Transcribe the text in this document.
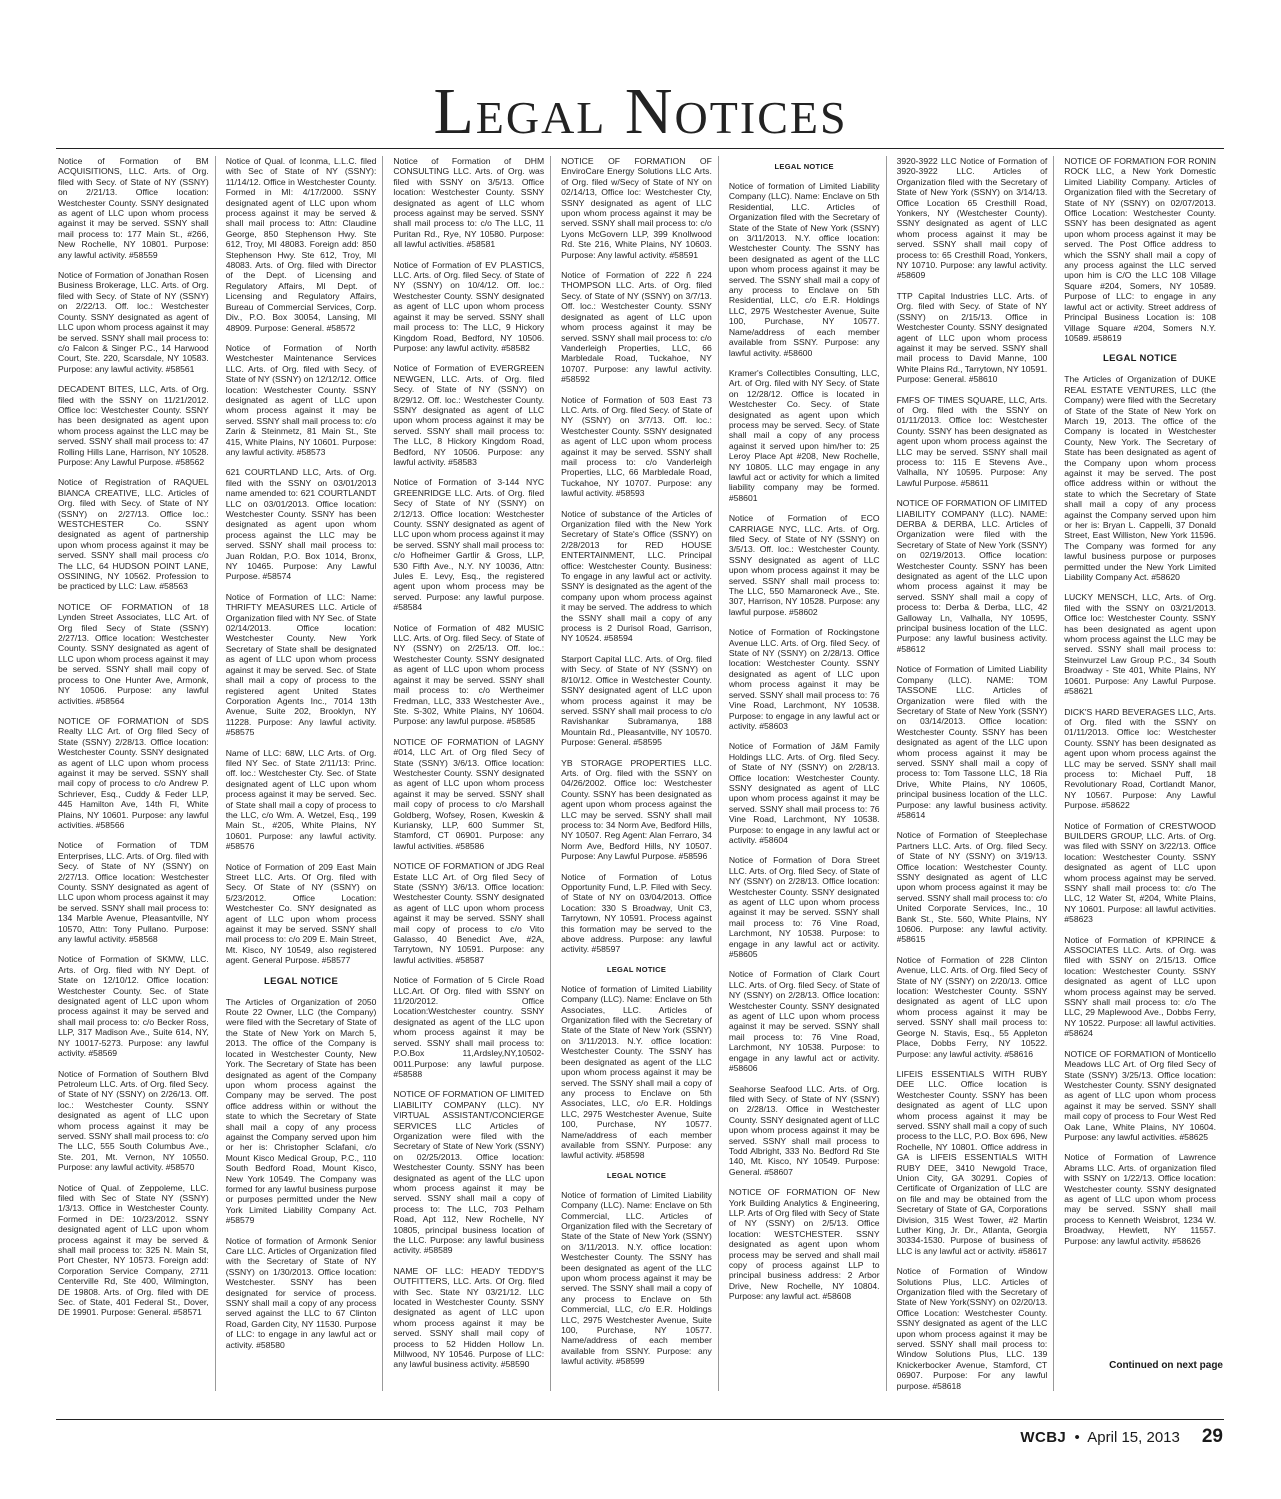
Legal Notices

Notice of Formation of BM ACQUISITIONS, LLC. Arts. of Org. filed with Secy. of State of NY (SSNY) on 2/21/13. Office location: Westchester County. SSNY designated as agent of LLC upon whom process against it may be served. SSNY shall mail process to: 177 Main St., #266, New Rochelle, NY 10801. Purpose: any lawful activity. #58559

Notice of Formation of Jonathan Rosen Business Brokerage, LLC. Arts. of Org. filed with Secy. of State of NY (SSNY) on 2/22/13. Off. loc.: Westchester County. SSNY designated as agent of LLC upon whom process against it may be served. SSNY shall mail process to: c/o Falcon & Singer P.C., 14 Harwood Court, Ste. 220, Scarsdale, NY 10583. Purpose: any lawful activity. #58561

DECADENT BITES, LLC, Arts. of Org. filed with the SSNY on 11/21/2012. Office loc: Westchester County. SSNY has been designated as agent upon whom process against the LLC may be served. SSNY shall mail process to: 47 Rolling Hills Lane, Harrison, NY 10528. Purpose: Any Lawful Purpose. #58562

Notice of Registration of RAQUEL BIANCA CREATIVE, LLC. Articles of Org. filed with Secy. of State of NY (SSNY) on 2/27/13. Office loc.: WESTCHESTER Co. SSNY designated as agent of partnership upon whom process against it may be served. SSNY shall mail process c/o The LLC, 64 HUDSON POINT LANE, OSSINING, NY 10562. Profession to be practiced by LLC: Law. #58563

NOTICE OF FORMATION of 18 Lynden Street Associates, LLC Art. of Org filed Secy of State (SSNY) 2/27/13. Office location: Westchester County. SSNY designated as agent of LLC upon whom process against it may be served. SSNY shall mail copy of process to One Hunter Ave, Armonk, NY 10506. Purpose: any lawful activities. #58564

NOTICE OF FORMATION of SDS Realty LLC Art. of Org filed Secy of State (SSNY) 2/28/13. Office location: Westchester County. SSNY designated as agent of LLC upon whom process against it may be served. SSNY shall mail copy of process to c/o Andrew P. Schriever, Esq., Cuddy & Feder LLP, 445 Hamilton Ave, 14th Fl, White Plains, NY 10601. Purpose: any lawful activities. #58566

Notice of Formation of TDM Enterprises, LLC. Arts. of Org. filed with Secy. of State of NY (SSNY) on 2/27/13. Office location: Westchester County. SSNY designated as agent of LLC upon whom process against it may be served. SSNY shall mail process to: 134 Marble Avenue, Pleasantville, NY 10570, Attn: Tony Pullano. Purpose: any lawful activity. #58568

Notice of Formation of SKMW, LLC. Arts. of Org. filed with NY Dept. of State on 12/10/12. Office location: Westchester County. Sec. of State designated agent of LLC upon whom process against it may be served and shall mail process to: c/o Becker Ross, LLP, 317 Madison Ave., Suite 614, NY, NY 10017-5273. Purpose: any lawful activity. #58569

Notice of Formation of Southern Blvd Petroleum LLC. Arts. of Org. filed Secy. of State of NY (SSNY) on 2/26/13. Off. loc.: Westchester County. SSNY designated as agent of LLC upon whom process against it may be served. SSNY shall mail process to: c/o The LLC, 555 South Columbus Ave., Ste. 201, Mt. Vernon, NY 10550. Purpose: any lawful activity. #58570

Notice of Qual. of Zeppoleme, LLC. filed with Sec of State NY (SSNY) 1/3/13. Office in Westchester County. Formed in DE: 10/23/2012. SSNY designated agent of LLC upon whom process against it may be served & shall mail process to: 325 N. Main St, Port Chester, NY 10573. Foreign add: Corporation Service Company, 2711 Centerville Rd, Ste 400, Wilmington, DE 19808. Arts. of Org. filed with DE Sec. of State, 401 Federal St., Dover, DE 19901. Purpose: General. #58571

Notice of Qual. of Iconma, L.L.C. filed with Sec of State of NY (SSNY): 11/14/12. Office in Westchester County. Formed in MI: 4/17/2000. SSNY designated agent of LLC upon whom process against it may be served & shall mail process to: Attn: Claudine George, 850 Stephenson Hwy. Ste 612, Troy, MI 48083. Foreign add: 850 Stephenson Hwy. Ste 612, Troy, MI 48083. Arts. of Org. filed with Director of the Dept. of Licensing and Regulatory Affairs, MI Dept. of Licensing and Regulatory Affairs, Bureau of Commercial Services, Corp. Div., P.O. Box 30054, Lansing, MI 48909. Purpose: General. #58572

Notice of Formation of North Westchester Maintenance Services LLC. Arts. of Org. filed with Secy. of State of NY (SSNY) on 12/12/12. Office location: Westchester County. SSNY designated as agent of LLC upon whom process against it may be served. SSNY shall mail process to: c/o Zarin & Steinmetz, 81 Main St., Ste 415, White Plains, NY 10601. Purpose: any lawful activity. #58573

621 COURTLAND LLC, Arts. of Org. filed with the SSNY on 03/01/2013 name amended to: 621 COURTLANDT LLC on 03/01/2013. Office location: Westchester County. SSNY has been designated as agent upon whom process against the LLC may be served. SSNY shall mail process to: Juan Roldan, P.O. Box 1014, Bronx, NY 10465. Purpose: Any Lawful Purpose. #58574

Notice of Formation of LLC: Name: THRIFTY MEASURES LLC. Article of Organization filed with NY Sec. of State 02/14/2013. Office location: Westchester County. New York Secretary of State shall be designated as agent of LLC upon whom process against it may be served. Sec. of State shall mail a copy of process to the registered agent United States Corporation Agents Inc., 7014 13th Avenue, Suite 202, Brooklyn, NY 11228. Purpose: Any lawful activity. #58575

Name of LLC: 68W, LLC Arts. of Org. filed NY Sec. of State 2/11/13: Princ. off. loc.: Westchester Cty. Sec. of State designated agent of LLC upon whom process against it may be served. Sec. of State shall mail a copy of process to the LLC, c/o Wm. A. Wetzel, Esq., 199 Main St., #205, White Plains, NY 10601. Purpose: any lawful activity. #58576

Notice of Formation of 209 East Main Street LLC. Arts. Of Org. filed with Secy. Of State of NY (SSNY) on 5/23/2012. Office Location: Westchester Co. SNY designated as agent of LLC upon whom process against it may be served. SSNY shall mail process to: c/o 209 E. Main Street, Mt. Kisco, NY 10549, also registered agent. General Purpose. #58577

LEGAL NOTICE

The Articles of Organization of 2050 Route 22 Owner, LLC (the Company) were filed with the Secretary of State of the State of New York on March 5, 2013. The office of the Company is located in Westchester County, New York. The Secretary of State has been designated as agent of the Company upon whom process against the Company may be served. The post office address within or without the state to which the Secretary of State shall mail a copy of any process against the Company served upon him or her is: Christopher Sclafani, c/o Mount Kisco Medical Group, P.C., 110 South Bedford Road, Mount Kisco, New York 10549. The Company was formed for any lawful business purpose or purposes permitted under the New York Limited Liability Company Act. #58579

Notice of formation of Armonk Senior Care LLC. Articles of Organization filed with the Secretary of State of NY (SSNY) on 1/30/2013. Office location: Westchester. SSNY has been designated for service of process. SSNY shall mail a copy of any process served against the LLC to 67 Clinton Road, Garden City, NY 11530. Purpose of LLC: to engage in any lawful act or activity. #58580

Notice of Formation of DHM CONSULTING LLC. Arts. of Org. was filed with SSNY on 3/5/13. Office location: Westchester County. SSNY designated as agent of LLC whom process against may be served. SSNY shall mail process to: c/o The LLC, 11 Puritan Rd., Rye, NY 10580. Purpose: all lawful activities. #58581

Notice of Formation of EV PLASTICS, LLC. Arts. of Org. filed Secy. of State of NY (SSNY) on 10/4/12. Off. loc.: Westchester County. SSNY designated as agent of LLC upon whom process against it may be served. SSNY shall mail process to: The LLC, 9 Hickory Kingdom Road, Bedford, NY 10506. Purpose: any lawful activity. #58582

Notice of Formation of EVERGREEN NEWGEN, LLC. Arts. of Org. filed Secy. of State of NY (SSNY) on 8/29/12. Off. loc.: Westchester County. SSNY designated as agent of LLC upon whom process against it may be served. SSNY shall mail process to: The LLC, 8 Hickory Kingdom Road, Bedford, NY 10506. Purpose: any lawful activity. #58583

Notice of Formation of 3-144 NYC GREENRIDGE LLC. Arts. of Org. filed Secy of State of NY (SSNY) on 2/12/13. Office location: Westchester County. SSNY designated as agent of LLC upon whom process against it may be served. SSNY shall mail process to: c/o Hofheimer Gartlir & Gross, LLP, 530 Fifth Ave., N.Y. NY 10036, Attn: Jules E. Levy, Esq., the registered agent upon whom process may be served. Purpose: any lawful purpose. #58584

Notice of Formation of 482 MUSIC LLC. Arts. of Org. filed Secy. of State of NY (SSNY) on 2/25/13. Off. loc.: Westchester County. SSNY designated as agent of LLC upon whom process against it may be served. SSNY shall mail process to: c/o Wertheimer Fredman, LLC, 333 Westchester Ave., Ste. S-302, White Plains, NY 10604. Purpose: any lawful purpose. #58585

NOTICE OF FORMATION of LAGNY #014, LLC Art. of Org filed Secy of State (SSNY) 3/6/13. Office location: Westchester County. SSNY designated as agent of LLC upon whom process against it may be served. SSNY shall mail copy of process to c/o Marshall Goldberg, Wofsey, Rosen, Kweskin & Kuriansky, LLP, 600 Summer St, Stamford, CT 06901. Purpose: any lawful activities. #58586

NOTICE OF FORMATION of JDG Real Estate LLC Art. of Org filed Secy of State (SSNY) 3/6/13. Office location: Westchester County. SSNY designated as agent of LLC upon whom process against it may be served. SSNY shall mail copy of process to c/o Vito Galasso, 40 Benedict Ave, #2A, Tarrytown, NY 10591. Purpose: any lawful activities. #58587

Notice of Formation of 5 Circle Road LLC.Art. Of Org. filed with SSNY on 11/20/2012. Office Location:Westchester country. SSNY designated as agent of the LLC upon whom process against it may be served. SSNY shall mail process to: P.O.Box 11,Ardsley,NY,10502-0011.Purpose: any lawful purpose. #58588

NOTICE OF FORMATION OF LIMITED LIABILITY COMPANY (LLC). NY VIRTUAL ASSISTANT/CONCIERGE SERVICES LLC Articles of Organization were filed with the Secretary of State of New York (SSNY) on 02/25/2013. Office location: Westchester County. SSNY has been designated as agent of the LLC upon whom process against it may be served. SSNY shall mail a copy of process to: The LLC, 703 Pelham Road, Apt 112, New Rochelle, NY 10805, principal business location of the LLC. Purpose: any lawful business activity. #58589

NAME OF LLC: HEADY TEDDY'S OUTFITTERS, LLC. Arts. Of Org. filed with Sec. State NY 03/21/12. LLC located in Westchester County. SSNY designated as agent of LLC upon whom process against it may be served. SSNY shall mail copy of process to 52 Hidden Hollow Ln. Millwood, NY 10546. Purpose of LLC: any lawful business activity. #58590

NOTICE OF FORMATION OF EnviroCare Energy Solutions LLC Arts. of Org. filed w/Secy of State of NY on 02/14/13, Office loc: Westchester Cty, SSNY designated as agent of LLC upon whom process against it may be served. SSNY shall mail process to: c/o Lyons McGovern LLP, 399 Knollwood Rd. Ste 216, White Plains, NY 10603. Purpose: Any lawful activity. #58591

Notice of Formation of 222 ñ 224 THOMPSON LLC. Arts. of Org. filed Secy. of State of NY (SSNY) on 3/7/13. Off. loc.: Westchester County. SSNY designated as agent of LLC upon whom process against it may be served. SSNY shall mail process to: c/o Vanderleigh Properties, LLC, 66 Marbledale Road, Tuckahoe, NY 10707. Purpose: any lawful activity. #58592

Notice of Formation of 503 East 73 LLC. Arts. of Org. filed Secy. of State of NY (SSNY) on 3/7/13. Off. loc.: Westchester County. SSNY designated as agent of LLC upon whom process against it may be served. SSNY shall mail process to: c/o Vanderleigh Properties, LLC, 66 Marbledale Road, Tuckahoe, NY 10707. Purpose: any lawful activity. #58593

Notice of substance of the Articles of Organization filed with the New York Secretary of State's Office (SSNY) on 2/28/2013 for RED HOUSE ENTERTAINMENT, LLC. Principal office: Westchester County. Business: To engage in any lawful act or activity. SSNY is designated as the agent of the company upon whom process against it may be served. The address to which the SSNY shall mail a copy of any process is 2 Durisol Road, Garrison, NY 10524. #58594

Starport Capital LLC. Arts. of Org. filed with Secy. of State of NY (SSNY) on 8/10/12. Office in Westchester County. SSNY designated agent of LLC upon whom process against it may be served. SSNY shall mail process to c/o Ravishankar Subramanya, 188 Mountain Rd., Pleasantville, NY 10570. Purpose: General. #58595

YB STORAGE PROPERTIES LLC. Arts. of Org. filed with the SSNY on 04/26/2002. Office loc: Westchester County. SSNY has been designated as agent upon whom process against the LLC may be served. SSNY shall mail process to: 34 Norm Ave, Bedford Hills, NY 10507. Reg Agent: Alan Ferraro, 34 Norm Ave, Bedford Hills, NY 10507. Purpose: Any Lawful Purpose. #58596

Notice of Formation of Lotus Opportunity Fund, L.P. Filed with Secy. of State of NY on 03/04/2013. Office Location: 330 S Broadway, Unit C3, Tarrytown, NY 10591. Process against this formation may be served to the above address. Purpose: any lawful activity. #58597

LEGAL NOTICE

Notice of formation of Limited Liability Company (LLC). Name: Enclave on 5th Associates, LLC. Articles of Organization filed with the Secretary of State of the State of New York (SSNY) on 3/11/2013. N.Y. office location: Westchester County. The SSNY has been designated as agent of the LLC upon whom process against it may be served. The SSNY shall mail a copy of any process to Enclave on 5th Associates, LLC, c/o E.R. Holdings LLC, 2975 Westchester Avenue, Suite 100, Purchase, NY 10577. Name/address of each member available from SSNY. Purpose: any lawful activity. #58598

LEGAL NOTICE

Notice of formation of Limited Liability Company (LLC). Name: Enclave on 5th Commercial, LLC. Articles of Organization filed with the Secretary of State of the State of New York (SSNY) on 3/11/2013. N.Y. office location: Westchester County. The SSNY has been designated as agent of the LLC upon whom process against it may be served. The SSNY shall mail a copy of any process to Enclave on 5th Commercial, LLC, c/o E.R. Holdings LLC, 2975 Westchester Avenue, Suite 100, Purchase, NY 10577. Name/address of each member available from SSNY. Purpose: any lawful activity. #58599

LEGAL NOTICE

Notice of formation of Limited Liability Company (LLC). Name: Enclave on 5th Residential, LLC. Articles of Organization filed with the Secretary of State of the State of New York (SSNY) on 3/11/2013. N.Y. office location: Westchester County. The SSNY has been designated as agent of the LLC upon whom process against it may be served. The SSNY shall mail a copy of any process to Enclave on 5th Residential, LLC, c/o E.R. Holdings LLC, 2975 Westchester Avenue, Suite 100, Purchase, NY 10577. Name/address of each member available from SSNY. Purpose: any lawful activity. #58600

Kramer's Collectibles Consulting, LLC, Art. of Org. filed with NY Secy. of State on 12/28/12. Office is located in Westchester Co. Secy. of State designated as agent upon which process may be served. Secy. of State shall mail a copy of any process against it served upon him/her to: 25 Leroy Place Apt #208, New Rochelle, NY 10805. LLC may engage in any lawful act or activity for which a limited liability company may be formed. #58601

Notice of Formation of ECO CARRIAGE NYC, LLC. Arts. of Org. filed Secy. of State of NY (SSNY) on 3/5/13. Off. loc.: Westchester County. SSNY designated as agent of LLC upon whom process against it may be served. SSNY shall mail process to: The LLC, 550 Mamaroneck Ave., Ste. 307, Harrison, NY 10528. Purpose: any lawful purpose. #58602

Notice of Formation of Rockingstone Avenue LLC. Arts. of Org. filed Secy. of State of NY (SSNY) on 2/28/13. Office location: Westchester County. SSNY designated as agent of LLC upon whom process against it may be served. SSNY shall mail process to: 76 Vine Road, Larchmont, NY 10538. Purpose: to engage in any lawful act or activity. #58603

Notice of Formation of J&M Family Holdings LLC. Arts. of Org. filed Secy. of State of NY (SSNY) on 2/28/13. Office location: Westchester County. SSNY designated as agent of LLC upon whom process against it may be served. SSNY shall mail process to: 76 Vine Road, Larchmont, NY 10538. Purpose: to engage in any lawful act or activity. #58604

Notice of Formation of Dora Street LLC. Arts. of Org. filed Secy. of State of NY (SSNY) on 2/28/13. Office location: Westchester County. SSNY designated as agent of LLC upon whom process against it may be served. SSNY shall mail process to: 76 Vine Road, Larchmont, NY 10538. Purpose: to engage in any lawful act or activity. #58605

Notice of Formation of Clark Court LLC. Arts. of Org. filed Secy. of State of NY (SSNY) on 2/28/13. Office location: Westchester County. SSNY designated as agent of LLC upon whom process against it may be served. SSNY shall mail process to: 76 Vine Road, Larchmont, NY 10538. Purpose: to engage in any lawful act or activity. #58606

Seahorse Seafood LLC. Arts. of Org. filed with Secy. of State of NY (SSNY) on 2/28/13. Office in Westchester County. SSNY designated agent of LLC upon whom process against it may be served. SSNY shall mail process to Todd Albright, 333 No. Bedford Rd Ste 140, Mt. Kisco, NY 10549. Purpose: General. #58607

NOTICE OF FORMATION OF New York Building Analytics & Engineering, LLP. Arts of Org filed with Secy of State of NY (SSNY) on 2/5/13. Office location: WESTCHESTER. SSNY designated as agent upon whom process may be served and shall mail copy of process against LLP to principal business address: 2 Arbor Drive, New Rochelle, NY 10804. Purpose: any lawful act. #58608

3920-3922 LLC Notice of Formation of 3920-3922 LLC. Articles of Organization filed with the Secretary of State of New York (SSNY) on 3/14/13. Office Location 65 Cresthill Road, Yonkers, NY (Westchester County). SSNY designated as agent of LLC whom process against it may be served. SSNY shall mail copy of process to: 65 Cresthill Road, Yonkers, NY 10710. Purpose: any lawful activity. #58609

TTP Capital Industries LLC. Arts. of Org. filed with Secy. of State of NY (SSNY) on 2/15/13. Office in Westchester County. SSNY designated agent of LLC upon whom process against it may be served. SSNY shall mail process to David Manne, 100 White Plains Rd., Tarrytown, NY 10591. Purpose: General. #58610

FMFS OF TIMES SQUARE, LLC, Arts. of Org. filed with the SSNY on 01/11/2013. Office loc: Westchester County. SSNY has been designated as agent upon whom process against the LLC may be served. SSNY shall mail process to: 115 E Stevens Ave., Valhalla, NY 10595. Purpose: Any Lawful Purpose. #58611

NOTICE OF FORMATION OF LIMITED LIABILITY COMPANY (LLC). NAME: DERBA & DERBA, LLC. Articles of Organization were filed with the Secretary of State of New York (SSNY) on 02/19/2013. Office location: Westchester County. SSNY has been designated as agent of the LLC upon whom process against it may be served. SSNY shall mail a copy of process to: Derba & Derba, LLC, 42 Galloway Ln, Valhalla, NY 10595, principal business location of the LLC. Purpose: any lawful business activity. #58612

Notice of Formation of Limited Liability Company (LLC). NAME: TOM TASSONE LLC. Articles of Organization were filed with the Secretary of State of New York (SSNY) on 03/14/2013. Office location: Westchester County. SSNY has been designated as agent of the LLC upon whom process against it may be served. SSNY shall mail a copy of process to: Tom Tassone LLC, 18 Ria Drive, White Plains, NY 10605, principal business location of the LLC. Purpose: any lawful business activity. #58614

Notice of Formation of Steeplechase Partners LLC. Arts. of Org. filed Secy. of State of NY (SSNY) on 3/19/13. Office location: Westchester County. SSNY designated as agent of LLC upon whom process against it may be served. SSNY shall mail process to: c/o United Corporate Services, Inc., 10 Bank St., Ste. 560, White Plains, NY 10606. Purpose: any lawful activity. #58615

Notice of Formation of 228 Clinton Avenue, LLC. Arts. of Org. filed Secy of State of NY (SSNY) on 2/20/13. Office location: Westchester County. SSNY designated as agent of LLC upon whom process against it may be served. SSNY shall mail process to: George N. Stavis, Esq., 55 Appleton Place, Dobbs Ferry, NY 10522. Purpose: any lawful activity. #58616

LIFEIS ESSENTIALS WITH RUBY DEE LLC. Office location is Westchester County. SSNY has been designated as agent of LLC upon whom process against it may be served. SSNY shall mail a copy of such process to the LLC, P.O. Box 696, New Rochelle, NY 10801. Office address in GA is LIFEIS ESSENTIALS WITH RUBY DEE, 3410 Newgold Trace, Union City, GA 30291. Copies of Certificate of Organization of LLC are on file and may be obtained from the Secretary of State of GA, Corporations Division, 315 West Tower, #2 Martin Luther King, Jr. Dr., Atlanta, Georgia 30334-1530. Purpose of business of LLC is any lawful act or activity. #58617

Notice of Formation of Window Solutions Plus, LLC. Articles of Organization filed with the Secretary of State of New York(SSNY) on 02/20/13. Office Location: Westchester County. SSNY designated as agent of the LLC upon whom process against it may be served. SSNY shall mail process to: Window Solutions Plus, LLC. 139 Knickerbocker Avenue, Stamford, CT 06907. Purpose: For any lawful purpose. #58618

NOTICE OF FORMATION FOR RONIN ROCK LLC, a New York Domestic Limited Liability Company. Articles of Organization filed with the Secretary of State of NY (SSNY) on 02/07/2013. Office Location: Westchester County. SSNY has been designated as agent upon whom process against it may be served. The Post Office address to which the SSNY shall mail a copy of any process against the LLC served upon him is C/O the LLC 108 Village Square #204, Somers, NY 10589. Purpose of LLC: to engage in any lawful act or activity. Street address of Principal Business Location is: 108 Village Square #204, Somers N.Y. 10589. #58619

LEGAL NOTICE

The Articles of Organization of DUKE REAL ESTATE VENTURES, LLC (the Company) were filed with the Secretary of State of the State of New York on March 19, 2013. The office of the Company is located in Westchester County, New York. The Secretary of State has been designated as agent of the Company upon whom process against it may be served. The post office address within or without the state to which the Secretary of State shall mail a copy of any process against the Company served upon him or her is: Bryan L. Cappelli, 37 Donald Street, East Williston, New York 11596. The Company was formed for any lawful business purpose or purposes permitted under the New York Limited Liability Company Act. #58620

LUCKY MENSCH, LLC, Arts. of Org. filed with the SSNY on 03/21/2013. Office loc: Westchester County. SSNY has been designated as agent upon whom process against the LLC may be served. SSNY shall mail process to: Steinvurzel Law Group P.C., 34 South Broadway - Ste 401, White Plains, NY 10601. Purpose: Any Lawful Purpose. #58621

DICK'S HARD BEVERAGES LLC, Arts. of Org. filed with the SSNY on 01/11/2013. Office loc: Westchester County. SSNY has been designated as agent upon whom process against the LLC may be served. SSNY shall mail process to: Michael Puff, 18 Revolutionary Road, Cortlandt Manor, NY 10567. Purpose: Any Lawful Purpose. #58622

Notice of Formation of CRESTWOOD BUILDERS GROUP, LLC. Arts. of Org. was filed with SSNY on 3/22/13. Office location: Westchester County. SSNY designated as agent of LLC upon whom process against may be served. SSNY shall mail process to: c/o The LLC, 12 Water St, #204, White Plains, NY 10601. Purpose: all lawful activities. #58623

Notice of Formation of KPRINCE & ASSOCIATES LLC. Arts. of Org. was filed with SSNY on 2/15/13. Office location: Westchester County. SSNY designated as agent of LLC upon whom process against may be served. SSNY shall mail process to: c/o The LLC, 29 Maplewood Ave., Dobbs Ferry, NY 10522. Purpose: all lawful activities. #58624

NOTICE OF FORMATION of Monticello Meadows LLC Art. of Org filed Secy of State (SSNY) 3/25/13. Office location: Westchester County. SSNY designated as agent of LLC upon whom process against it may be served. SSNY shall mail copy of process to Four West Red Oak Lane, White Plains, NY 10604. Purpose: any lawful activities. #58625

Notice of Formation of Lawrence Abrams LLC. Arts. of organization filed with SSNY on 1/22/13. Office location: Westchester county. SSNY designated as agent of LLC upon whom process may be served. SSNY shall mail process to Kenneth Weisbrot, 1234 W. Broadway, Hewlett, NY 11557. Purpose: any lawful activity. #58626

Continued on next page
WCBJ  •  April 15, 2013 29
